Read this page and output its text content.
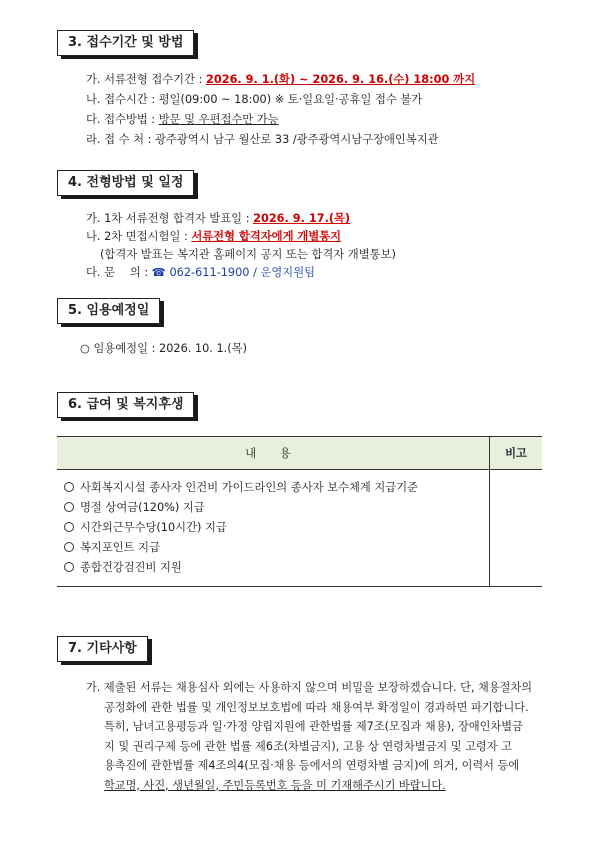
3. 접수기간 및 방법
가. 서류전형 접수기간 : 2026. 9. 1.(화) ~ 2026. 9. 16.(수) 18:00 까지
나. 접수시간 : 평일(09:00 ~ 18:00) ※ 토·일요일·공휴일 접수 불가
다. 접수방법 : 방문 및 우편접수만 가능
라. 접 수 처 : 광주광역시 남구 월산로 33 /광주광역시남구장애인복지관
4. 전형방법 및 일정
가. 1차 서류전형 합격자 발표일 : 2026. 9. 17.(목)
나. 2차 면접시험일 : 서류전형 합격자에게 개별통지
(합격자 발표는 복지관 홈페이지 공지 또는 합격자 개별통보)
다. 문　 의 : ☎ 062-611-1900 / 운영지원팀
5. 임용예정일
○ 임용예정일 : 2026. 10. 1.(목)
6. 급여 및 복지후생
내 용	비고

사회복지시설 종사자 인건비 가이드라인의 종사자 보수체계 지급기준
명절 상여금(120%) 지급
시간외근무수당(10시간) 지급
복지포인트 지급
종합건강검진비 지원	

7. 기타사항
가. 제출된 서류는 채용심사 외에는 사용하지 않으며 비밀을 보장하겠습니다. 단, 채용절차의
공정화에 관한 법률 및 개인정보보호법에 따라 채용여부 확정일이 경과하면 파기합니다.
특히, 남녀고용평등과 일·가정 양립지원에 관한법률 제7조(모집과 채용), 장애인차별금
지 및 권리구제 등에 관한 법률 제6조(차별금지), 고용 상 연령차별금지 및 고령자 고
용촉진에 관한법률 제4조의4(모집·채용 등에서의 연령차별 금지)에 의거, 이력서 등에
학교명, 사진, 생년월일, 주민등록번호 등을 미 기재해주시기 바랍니다.
